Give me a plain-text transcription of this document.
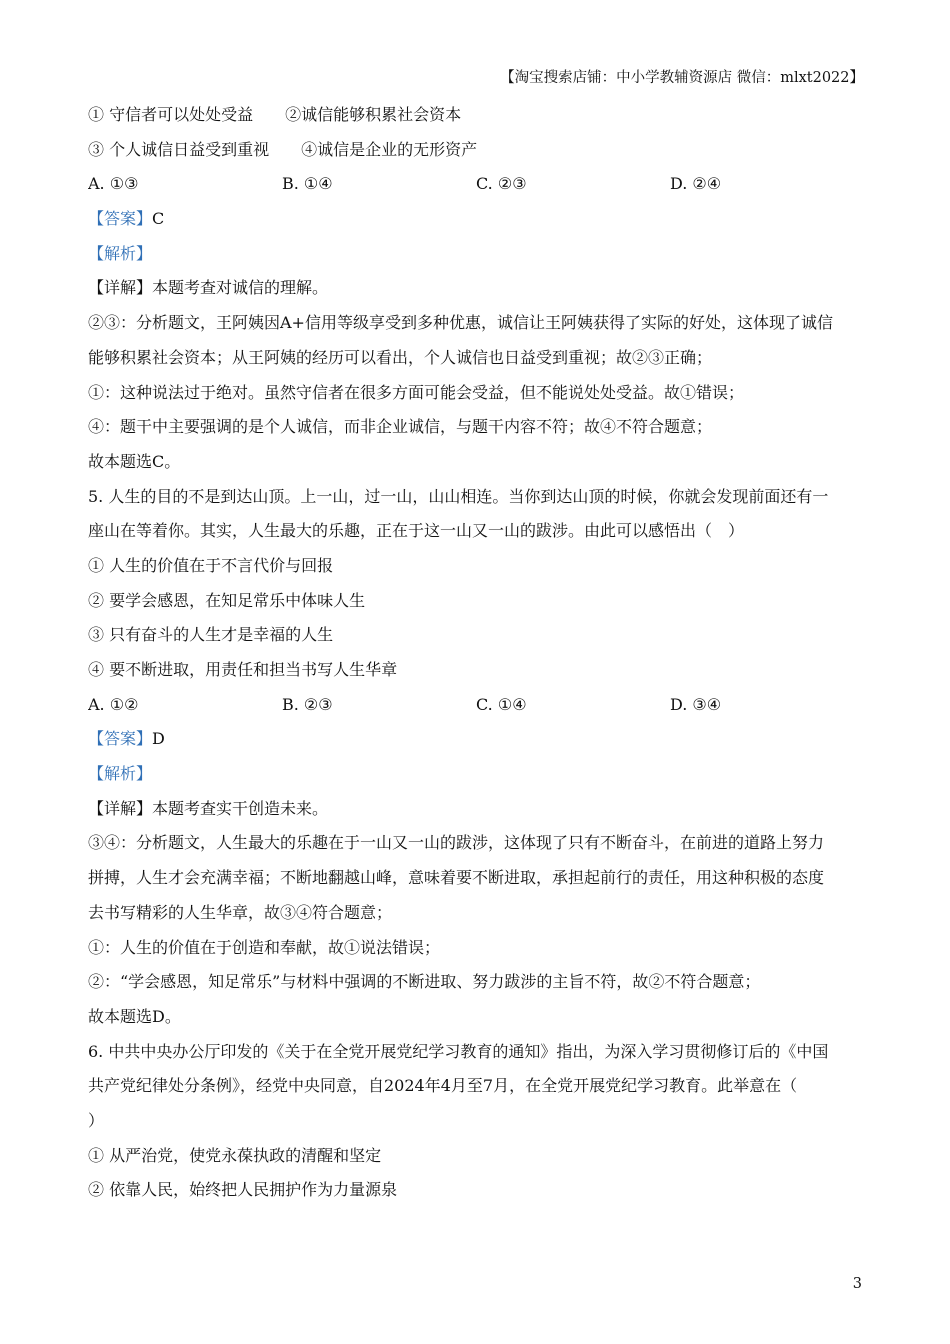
【淘宝搜索店铺：中小学教辅资源店 微信：mlxt2022】
① 守信者可以处处受益　　②诚信能够积累社会资本
③ 个人诚信日益受到重视　　④诚信是企业的无形资产
A. ①③	B. ①④	C. ②③	D. ②④
【答案】C
【解析】
【详解】本题考查对诚信的理解。
②③：分析题文，王阿姨因A+信用等级享受到多种优惠，诚信让王阿姨获得了实际的好处，这体现了诚信
能够积累社会资本；从王阿姨的经历可以看出，个人诚信也日益受到重视；故②③正确；
①：这种说法过于绝对。虽然守信者在很多方面可能会受益，但不能说处处受益。故①错误；
④：题干中主要强调的是个人诚信，而非企业诚信，与题干内容不符；故④不符合题意；
故本题选C。
5. 人生的目的不是到达山顶。上一山，过一山，山山相连。当你到达山顶的时候，你就会发现前面还有一
座山在等着你。其实，人生最大的乐趣，正在于这一山又一山的跋涉。由此可以感悟出（　）
① 人生的价值在于不言代价与回报
② 要学会感恩，在知足常乐中体味人生
③ 只有奋斗的人生才是幸福的人生
④ 要不断进取，用责任和担当书写人生华章
A. ①②	B. ②③	C. ①④	D. ③④
【答案】D
【解析】
【详解】本题考查实干创造未来。
③④：分析题文，人生最大的乐趣在于一山又一山的跋涉，这体现了只有不断奋斗，在前进的道路上努力
拼搏，人生才会充满幸福；不断地翻越山峰，意味着要不断进取，承担起前行的责任，用这种积极的态度
去书写精彩的人生华章，故③④符合题意；
①：人生的价值在于创造和奉献，故①说法错误；
②：“学会感恩，知足常乐”与材料中强调的不断进取、努力跋涉的主旨不符，故②不符合题意；
故本题选D。
6. 中共中央办公厅印发的《关于在全党开展党纪学习教育的通知》指出，为深入学习贯彻修订后的《中国
共产党纪律处分条例》，经党中央同意，自2024年4月至7月，在全党开展党纪学习教育。此举意在（
）
① 从严治党，使党永葆执政的清醒和坚定
② 依靠人民，始终把人民拥护作为力量源泉
3
